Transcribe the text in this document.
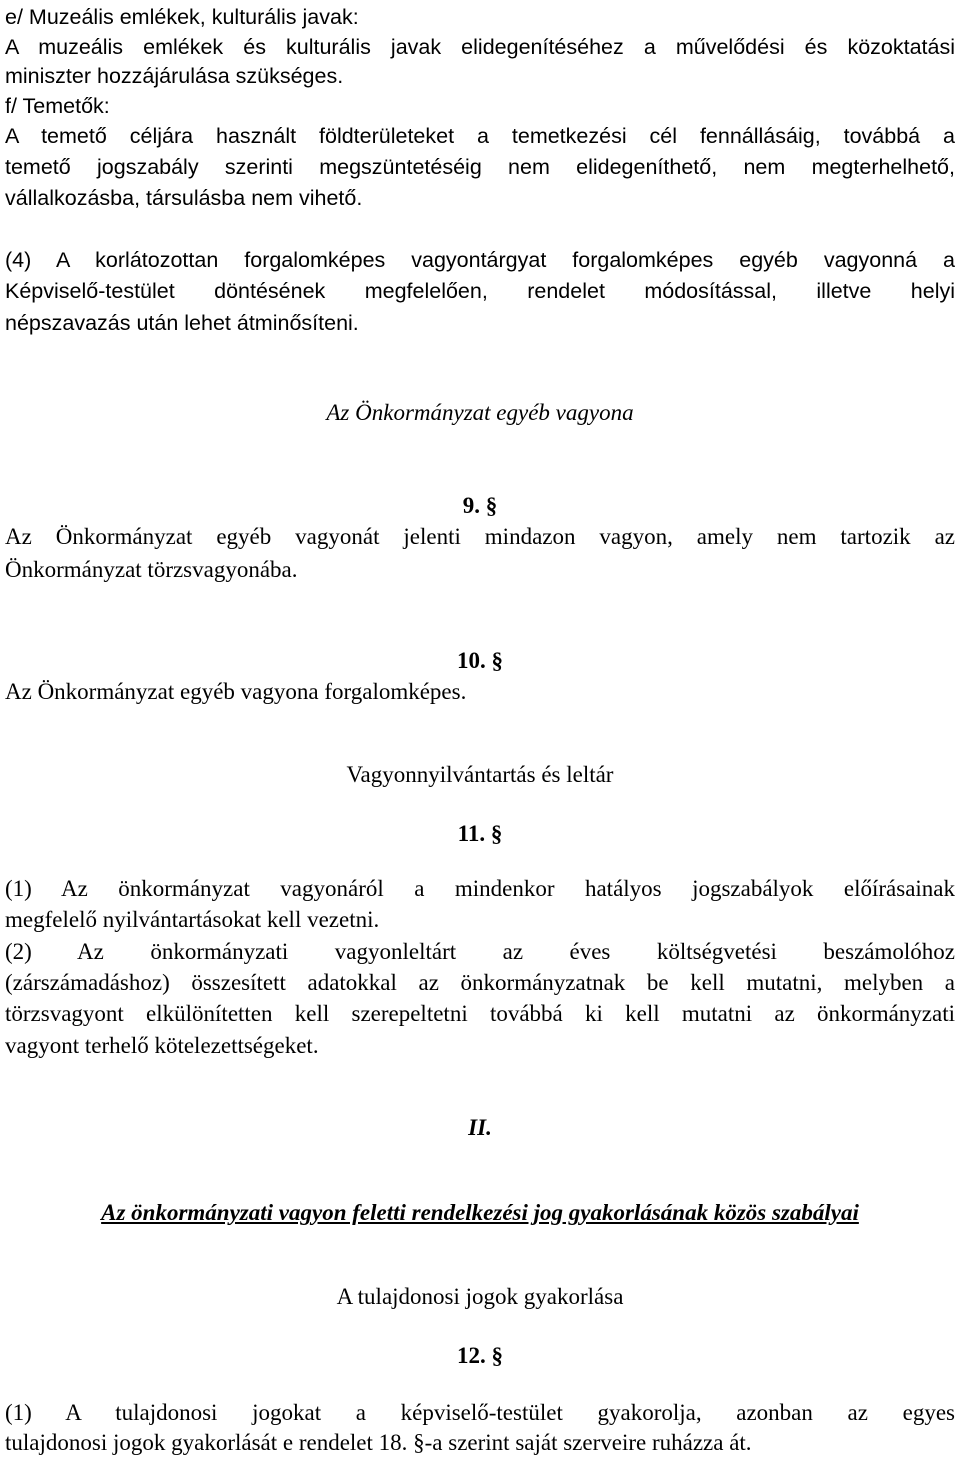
e/ Muzeális emlékek, kulturális javak:
A muzeális emlékek és kulturális javak elidegenítéséhez a művelődési és közoktatási
miniszter hozzájárulása szükséges.
f/ Temetők:
A temető céljára használt földterületeket a temetkezési cél fennállásáig, továbbá a
temető jogszabály szerinti megszüntetéséig nem elidegeníthető, nem megterhelhető,
vállalkozásba, társulásba nem vihető.
(4) A korlátozottan forgalomképes vagyontárgyat forgalomképes egyéb vagyonná a
Képviselő-testület döntésének megfelelően, rendelet módosítással, illetve helyi
népszavazás után lehet átminősíteni.
Az Önkormányzat egyéb vagyona
9. §
Az Önkormányzat egyéb vagyonát jelenti mindazon vagyon, amely nem tartozik az
Önkormányzat törzsvagyonába.
10. §
Az Önkormányzat egyéb vagyona forgalomképes.
Vagyonnyilvántartás és leltár
11. §
(1) Az önkormányzat vagyonáról a mindenkor hatályos jogszabályok előírásainak
megfelelő nyilvántartásokat kell vezetni.
(2) Az önkormányzati vagyonleltárt az éves költségvetési beszámolóhoz
(zárszámadáshoz) összesített adatokkal az önkormányzatnak be kell mutatni, melyben a
törzsvagyont elkülönítetten kell szerepeltetni továbbá ki kell mutatni az önkormányzati
vagyont terhelő kötelezettségeket.
II.
Az önkormányzati vagyon feletti rendelkezési jog gyakorlásának közös szabályai
A tulajdonosi jogok gyakorlása
12. §
(1) A tulajdonosi jogokat a képviselő-testület gyakorolja, azonban az egyes
tulajdonosi jogok gyakorlását e rendelet 18. §-a szerint saját szerveire ruházza át.
